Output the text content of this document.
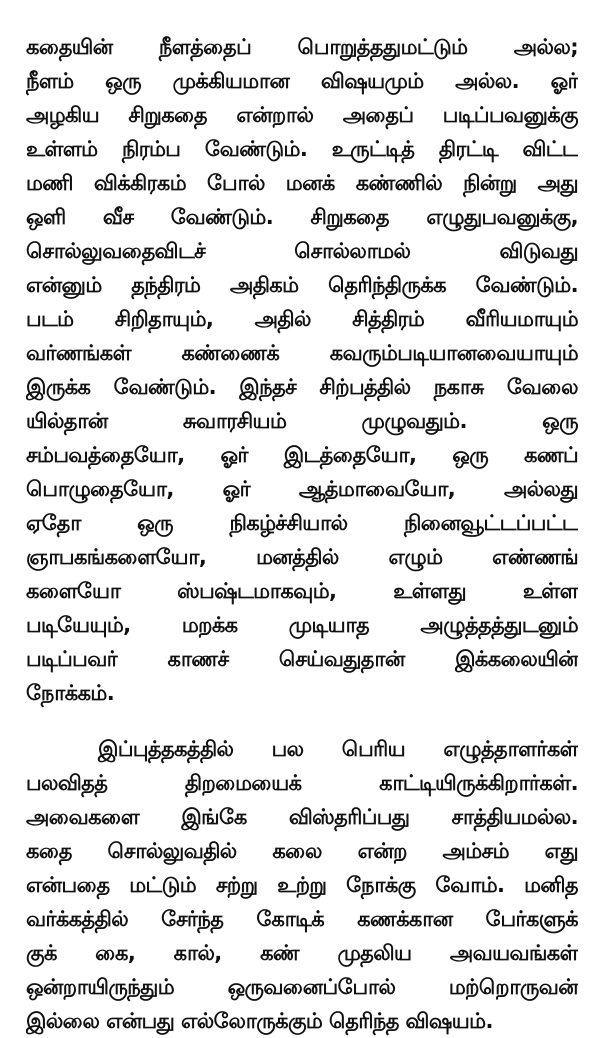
கதையின் நீளத்தைப் பொறுத்ததுமட்டும் அல்ல;
நீளம் ஒரு முக்கியமான விஷயமும் அல்ல. ஓர்
அழகிய சிறுகதை என்றால் அதைப் படிப்பவனுக்கு
உள்ளம் நிரம்ப வேண்டும். உருட்டித் திரட்டி விட்ட
மணி விக்கிரகம் போல் மனக் கண்ணில் நின்று அது
ஒளி வீச வேண்டும். சிறுகதை எழுதுபவனுக்கு,
சொல்லுவதைவிடச் சொல்லாமல் விடுவது
என்னும் தந்திரம் அதிகம் தெரிந்திருக்க வேண்டும்.
படம் சிறிதாயும், அதில் சித்திரம் வீரியமாயும்
வர்ணங்கள் கண்ணைக் கவரும்படியானவையாயும்
இருக்க வேண்டும். இந்தச் சிற்பத்தில் நகாசு வேலை
யில்தான் சுவாரசியம் முழுவதும். ஒரு
சம்பவத்தையோ, ஓர் இடத்தையோ, ஒரு கணப்
பொழுதையோ, ஓர் ஆத்மாவையோ, அல்லது
ஏதோ ஒரு நிகழ்ச்சியால் நினைவூட்டப்பட்ட
ஞாபகங்களையோ, மனத்தில் எழும் எண்ணங்
களையோ ஸ்பஷ்டமாகவும், உள்ளது உள்ள
படியேயும், மறக்க முடியாத அழுத்தத்துடனும்
படிப்பவர் காணச் செய்வதுதான் இக்கலையின்
நோக்கம்.
இப்புத்தகத்தில் பல பெரிய எழுத்தாளர்கள்
பலவிதத் திறமையைக் காட்டியிருக்கிறார்கள்.
அவைகளை இங்கே விஸ்தரிப்பது சாத்தியமல்ல.
கதை சொல்லுவதில் கலை என்ற அம்சம் எது
என்பதை மட்டும் சற்று உற்று நோக்கு வோம். மனித
வர்க்கத்தில் சேர்ந்த கோடிக் கணக்கான பேர்களுக்
குக் கை, கால், கண் முதலிய அவயவங்கள்
ஒன்றாயிருந்தும் ஒருவனைப்போல் மற்றொருவன்
இல்லை என்பது எல்லோருக்கும் தெரிந்த விஷயம்.
